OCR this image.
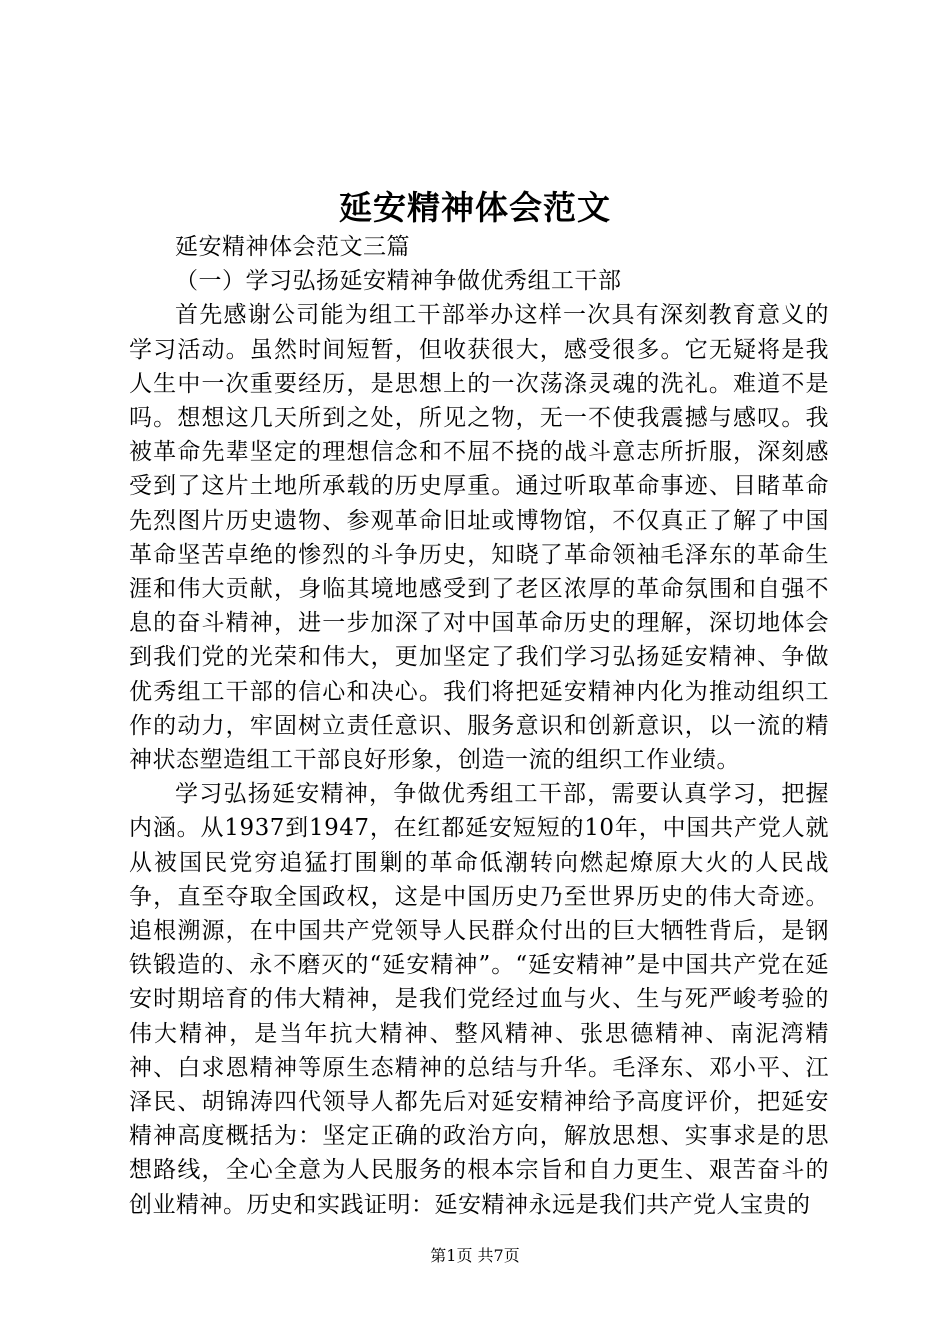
延安精神体会范文

延安精神体会范文三篇

（一）学习弘扬延安精神争做优秀组工干部

首先感谢公司能为组工干部举办这样一次具有深刻教育意义的学习活动。虽然时间短暂，但收获很大，感受很多。它无疑将是我人生中一次重要经历，是思想上的一次荡涤灵魂的洗礼。难道不是吗。想想这几天所到之处，所见之物，无一不使我震撼与感叹。我被革命先辈坚定的理想信念和不屈不挠的战斗意志所折服，深刻感受到了这片土地所承载的历史厚重。通过听取革命事迹、目睹革命先烈图片历史遗物、参观革命旧址或博物馆，不仅真正了解了中国革命坚苦卓绝的惨烈的斗争历史，知晓了革命领袖毛泽东的革命生涯和伟大贡献，身临其境地感受到了老区浓厚的革命氛围和自强不息的奋斗精神，进一步加深了对中国革命历史的理解，深切地体会到我们党的光荣和伟大，更加坚定了我们学习弘扬延安精神、争做优秀组工干部的信心和决心。我们将把延安精神内化为推动组织工作的动力，牢固树立责任意识、服务意识和创新意识，以一流的精神状态塑造组工干部良好形象，创造一流的组织工作业绩。

学习弘扬延安精神，争做优秀组工干部，需要认真学习，把握内涵。从1937到1947，在红都延安短短的10年，中国共产党人就从被国民党穷追猛打围剿的革命低潮转向燃起燎原大火的人民战争，直至夺取全国政权，这是中国历史乃至世界历史的伟大奇迹。追根溯源，在中国共产党领导人民群众付出的巨大牺牲背后，是钢铁锻造的、永不磨灭的“延安精神”。“延安精神”是中国共产党在延安时期培育的伟大精神，是我们党经过血与火、生与死严峻考验的伟大精神，是当年抗大精神、整风精神、张思德精神、南泥湾精神、白求恩精神等原生态精神的总结与升华。毛泽东、邓小平、江泽民、胡锦涛四代领导人都先后对延安精神给予高度评价，把延安精神高度概括为：坚定正确的政治方向，解放思想、实事求是的思想路线，全心全意为人民服务的根本宗旨和自力更生、艰苦奋斗的创业精神。历史和实践证明：延安精神永远是我们共产党人宝贵的

第1页 共7页
